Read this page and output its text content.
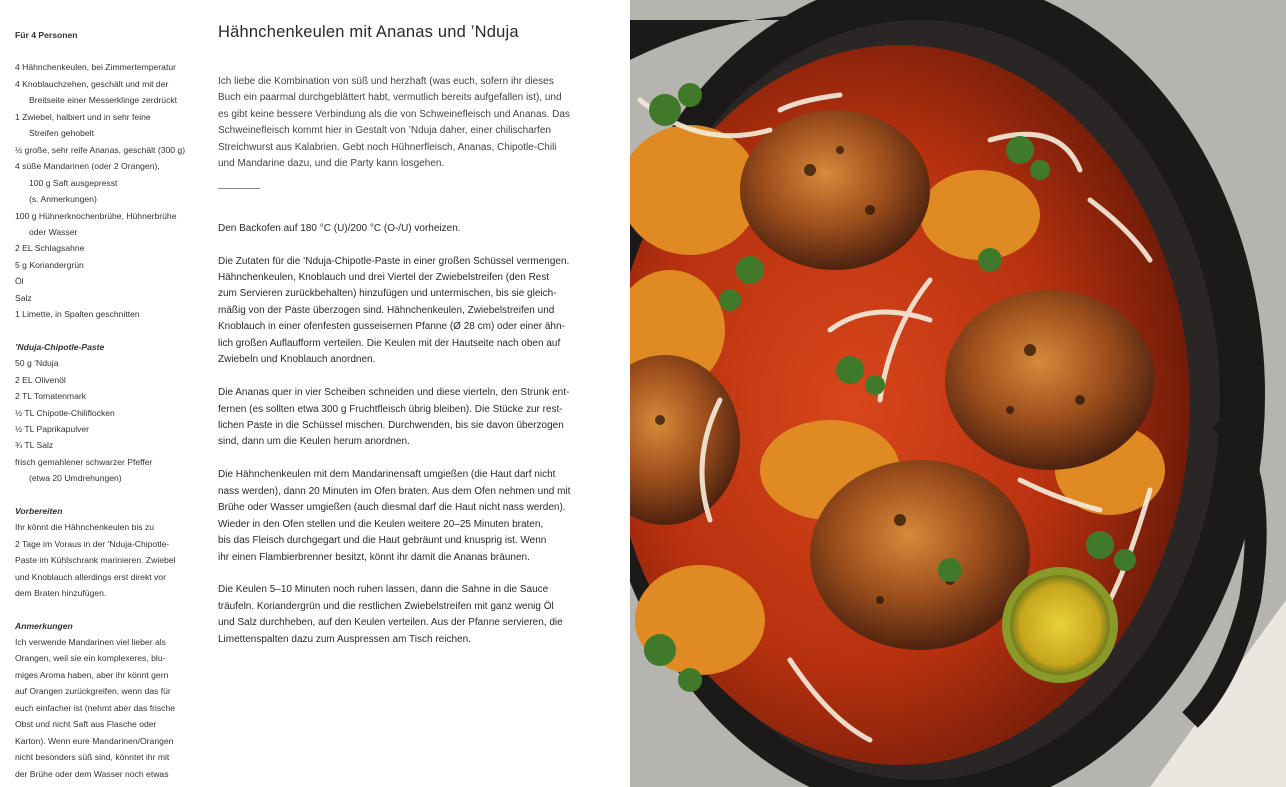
Für 4 Personen
4 Hähnchenkeulen, bei Zimmertemperatur
4 Knoblauchzehen, geschält und mit der
Breitseite einer Messerklinge zerdrückt
1 Zwiebel, halbiert und in sehr feine
Streifen gehobelt
½ große, sehr reife Ananas, geschält (300 g)
4 süße Mandarinen (oder 2 Orangen),
100 g Saft ausgepresst
(s. Anmerkungen)
100 g Hühnerknochenbrühe, Hühnerbrühe
oder Wasser
2 EL Schlagsahne
5 g Koriandergrün
Öl
Salz
1 Limette, in Spalten geschnitten
’Nduja-Chipotle-Paste
50 g ’Nduja
2 EL Olivenöl
2 TL Tomatenmark
½ TL Chipotle-Chiliflocken
½ TL Paprikapulver
¾ TL Salz
frisch gemahlener schwarzer Pfeffer
(etwa 20 Umdrehungen)
Vorbereiten
Ihr könnt die Hähnchenkeulen bis zu
2 Tage im Voraus in der ’Nduja-Chipotle-
Paste im Kühlschrank marinieren. Zwiebel
und Knoblauch allerdings erst direkt vor
dem Braten hinzufügen.
Anmerkungen
Ich verwende Mandarinen viel lieber als
Orangen, weil sie ein komplexeres, blu-
miges Aroma haben, aber ihr könnt gern
auf Orangen zurückgreifen, wenn das für
euch einfacher ist (nehmt aber das frische
Obst und nicht Saft aus Flasche oder
Karton). Wenn eure Mandarinen/Orangen
nicht besonders süß sind, könntet ihr mit
der Brühe oder dem Wasser noch etwas
Hähnchenkeulen mit Ananas und ’Nduja
Ich liebe die Kombination von süß und herzhaft (was euch, sofern ihr dieses
Buch ein paarmal durchgeblättert habt, vermutlich bereits aufgefallen ist), und
es gibt keine bessere Verbindung als die von Schweinefleisch und Ananas. Das
Schweinefleisch kommt hier in Gestalt von ’Nduja daher, einer chilischarfen
Streichwurst aus Kalabrien. Gebt noch Hühnerfleisch, Ananas, Chipotle-Chili
und Mandarine dazu, und die Party kann losgehen.
Den Backofen auf 180 °C (U)/200 °C (O-/U) vorheizen.
Die Zutaten für die ’Nduja-Chipotle-Paste in einer großen Schüssel vermengen.
Hähnchenkeulen, Knoblauch und drei Viertel der Zwiebelstreifen (den Rest
zum Servieren zurückbehalten) hinzufügen und untermischen, bis sie gleich-
mäßig von der Paste überzogen sind. Hähnchenkeulen, Zwiebelstreifen und
Knoblauch in einer ofenfesten gusseisernen Pfanne (Ø 28 cm) oder einer ähn-
lich großen Auflaufform verteilen. Die Keulen mit der Hautseite nach oben auf
Zwiebeln und Knoblauch anordnen.
Die Ananas quer in vier Scheiben schneiden und diese vierteln, den Strunk ent-
fernen (es sollten etwa 300 g Fruchtfleisch übrig bleiben). Die Stücke zur rest-
lichen Paste in die Schüssel mischen. Durchwenden, bis sie davon überzogen
sind, dann um die Keulen herum anordnen.
Die Hähnchenkeulen mit dem Mandarinensaft umgießen (die Haut darf nicht
nass werden), dann 20 Minuten im Ofen braten. Aus dem Ofen nehmen und mit
Brühe oder Wasser umgießen (auch diesmal darf die Haut nicht nass werden).
Wieder in den Ofen stellen und die Keulen weitere 20–25 Minuten braten,
bis das Fleisch durchgegart und die Haut gebräunt und knusprig ist. Wenn
ihr einen Flambierbrenner besitzt, könnt ihr damit die Ananas bräunen.
Die Keulen 5–10 Minuten noch ruhen lassen, dann die Sahne in die Sauce
träufeln. Koriandergrün und die restlichen Zwiebelstreifen mit ganz wenig Öl
und Salz durchheben, auf den Keulen verteilen. Aus der Pfanne servieren, die
Limettenspalten dazu zum Auspressen am Tisch reichen.
